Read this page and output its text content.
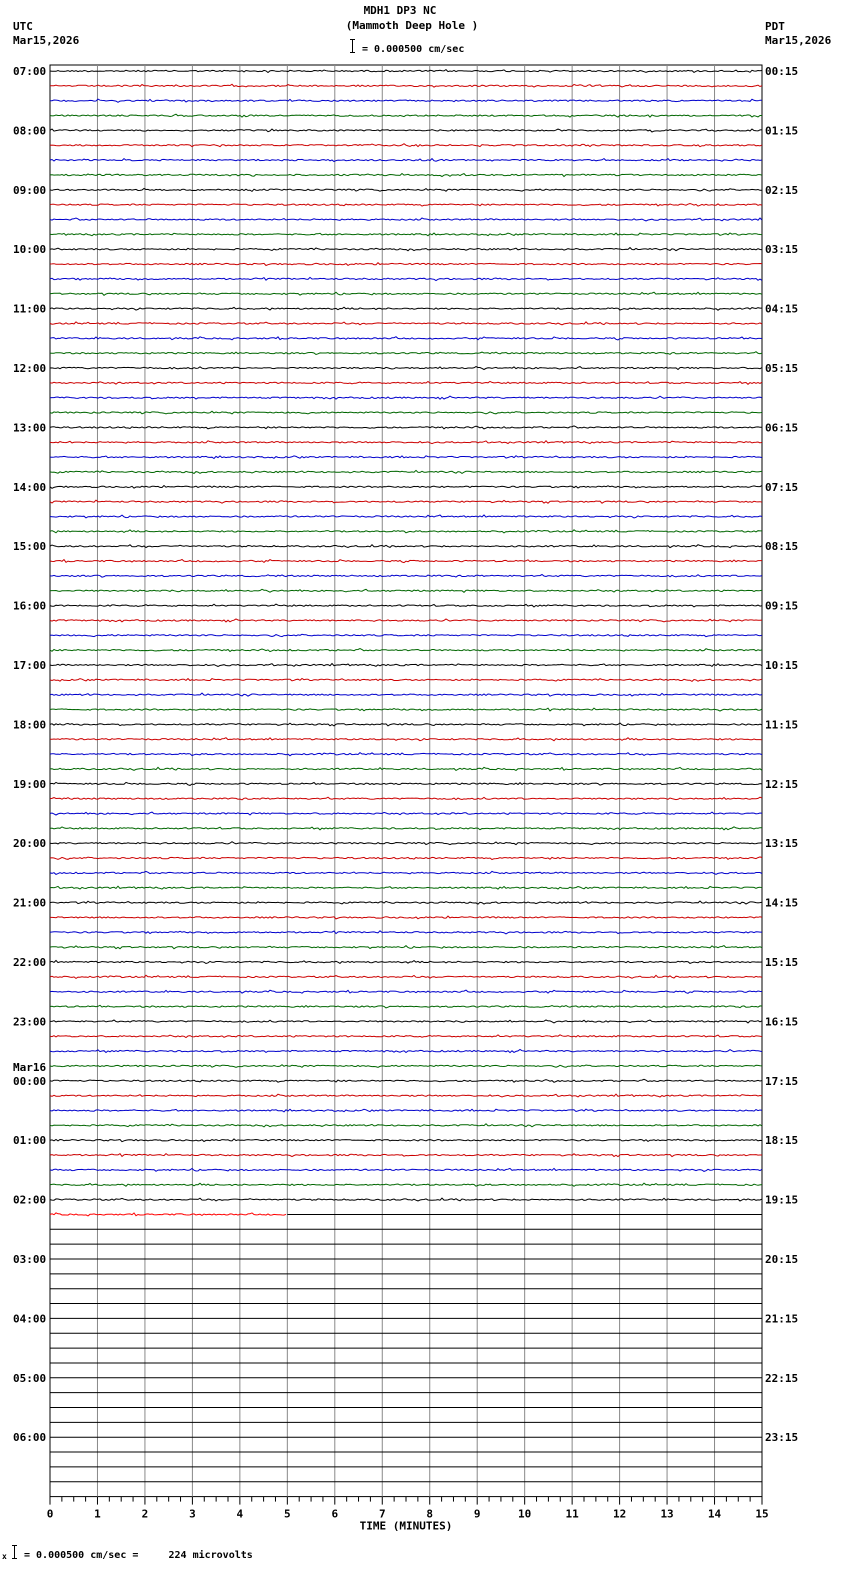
MDH1 DP3 NC
(Mammoth Deep Hole )
= 0.000500 cm/sec
UTC
Mar15,2026
PDT
Mar15,2026
07:00	00:15
08:00	01:15
09:00	02:15
10:00	03:15
11:00	04:15
12:00	05:15
13:00	06:15
14:00	07:15
15:00	08:15
16:00	09:15
17:00	10:15
18:00	11:15
19:00	12:15
20:00	13:15
21:00	14:15
22:00	15:15
23:00	16:15
00:00	17:15
01:00	18:15
02:00	19:15
03:00	20:15
04:00	21:15
05:00	22:15
06:00	23:15
Mar16
0	1	2	3	4	5	6	7	8	9	10	11	12	13	14	15
TIME (MINUTES)
x = 0.000500 cm/sec =     224 microvolts
